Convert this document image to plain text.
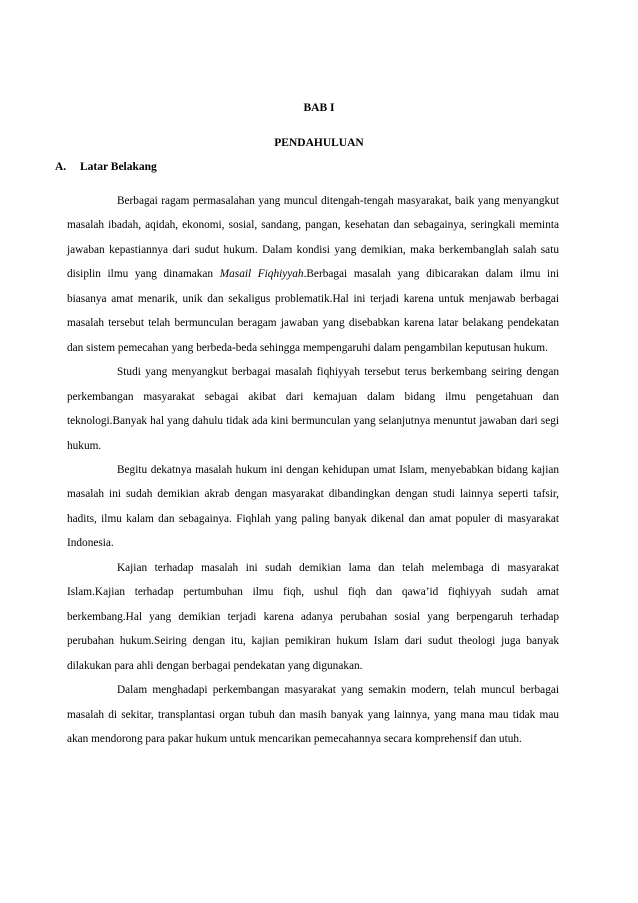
BAB I
PENDAHULUAN
A. Latar Belakang

Berbagai ragam permasalahan yang muncul ditengah-tengah masyarakat, baik yang menyangkut masalah ibadah, aqidah, ekonomi, sosial, sandang, pangan, kesehatan dan sebagainya, seringkali meminta jawaban kepastiannya dari sudut hukum. Dalam kondisi yang demikian, maka berkembanglah salah satu disiplin ilmu yang dinamakan Masail Fiqhiyyah.Berbagai masalah yang dibicarakan dalam ilmu ini biasanya amat menarik, unik dan sekaligus problematik.Hal ini terjadi karena untuk menjawab berbagai masalah tersebut telah bermunculan beragam jawaban yang disebabkan karena latar belakang pendekatan dan sistem pemecahan yang berbeda-beda sehingga mempengaruhi dalam pengambilan keputusan hukum.

Studi yang menyangkut berbagai masalah fiqhiyyah tersebut terus berkembang seiring dengan perkembangan masyarakat sebagai akibat dari kemajuan dalam bidang ilmu pengetahuan dan teknologi.Banyak hal yang dahulu tidak ada kini bermunculan yang selanjutnya menuntut jawaban dari segi hukum.

Begitu dekatnya masalah hukum ini dengan kehidupan umat Islam, menyebabkan bidang kajian masalah ini sudah demikian akrab dengan masyarakat dibandingkan dengan studi lainnya seperti tafsir, hadits, ilmu kalam dan sebagainya. Fiqhlah yang paling banyak dikenal dan amat populer di masyarakat Indonesia.

Kajian terhadap masalah ini sudah demikian lama dan telah melembaga di masyarakat Islam.Kajian terhadap pertumbuhan ilmu fiqh, ushul fiqh dan qawa’id fiqhiyyah sudah amat berkembang.Hal yang demikian terjadi karena adanya perubahan sosial yang berpengaruh terhadap perubahan hukum.Seiring dengan itu, kajian pemikiran hukum Islam dari sudut theologi juga banyak dilakukan para ahli dengan berbagai pendekatan yang digunakan.

Dalam menghadapi perkembangan masyarakat yang semakin modern, telah muncul berbagai masalah di sekitar, transplantasi organ tubuh dan masih banyak yang lainnya, yang mana mau tidak mau akan mendorong para pakar hukum untuk mencarikan pemecahannya secara komprehensif dan utuh.
